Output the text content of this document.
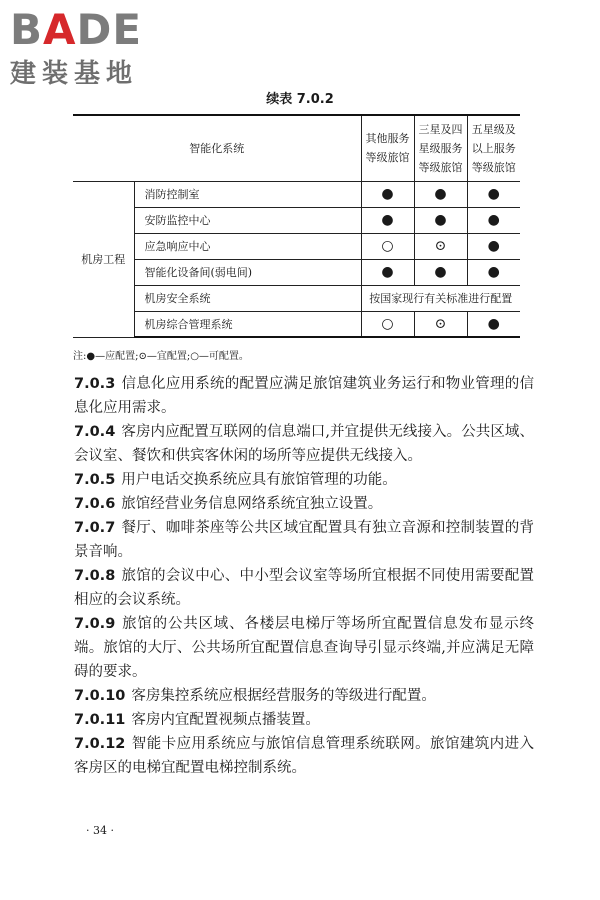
BADE
建装基地
续表 7.0.2
智能化系统		其他服务等级旅馆	三星及四星级服务等级旅馆	五星级及以上服务等级旅馆
机房工程	消防控制室	●	●	●
	安防监控中心	●	●	●
	应急响应中心	○	⊙	●
	智能化设备间(弱电间)	●	●	●
	机房安全系统	按国家现行有关标准进行配置		
	机房综合管理系统	○	⊙	●
注:●—应配置;⊙—宜配置;○—可配置。
7.0.3 信息化应用系统的配置应满足旅馆建筑业务运行和物业管理的信息化应用需求。
7.0.4 客房内应配置互联网的信息端口,并宜提供无线接入。公共区域、会议室、餐饮和供宾客休闲的场所等应提供无线接入。
7.0.5 用户电话交换系统应具有旅馆管理的功能。
7.0.6 旅馆经营业务信息网络系统宜独立设置。
7.0.7 餐厅、咖啡茶座等公共区域宜配置具有独立音源和控制装置的背景音响。
7.0.8 旅馆的会议中心、中小型会议室等场所宜根据不同使用需要配置相应的会议系统。
7.0.9 旅馆的公共区域、各楼层电梯厅等场所宜配置信息发布显示终端。旅馆的大厅、公共场所宜配置信息查询导引显示终端,并应满足无障碍的要求。
7.0.10 客房集控系统应根据经营服务的等级进行配置。
7.0.11 客房内宜配置视频点播装置。
7.0.12 智能卡应用系统应与旅馆信息管理系统联网。旅馆建筑内进入客房区的电梯宜配置电梯控制系统。
· 34 ·
